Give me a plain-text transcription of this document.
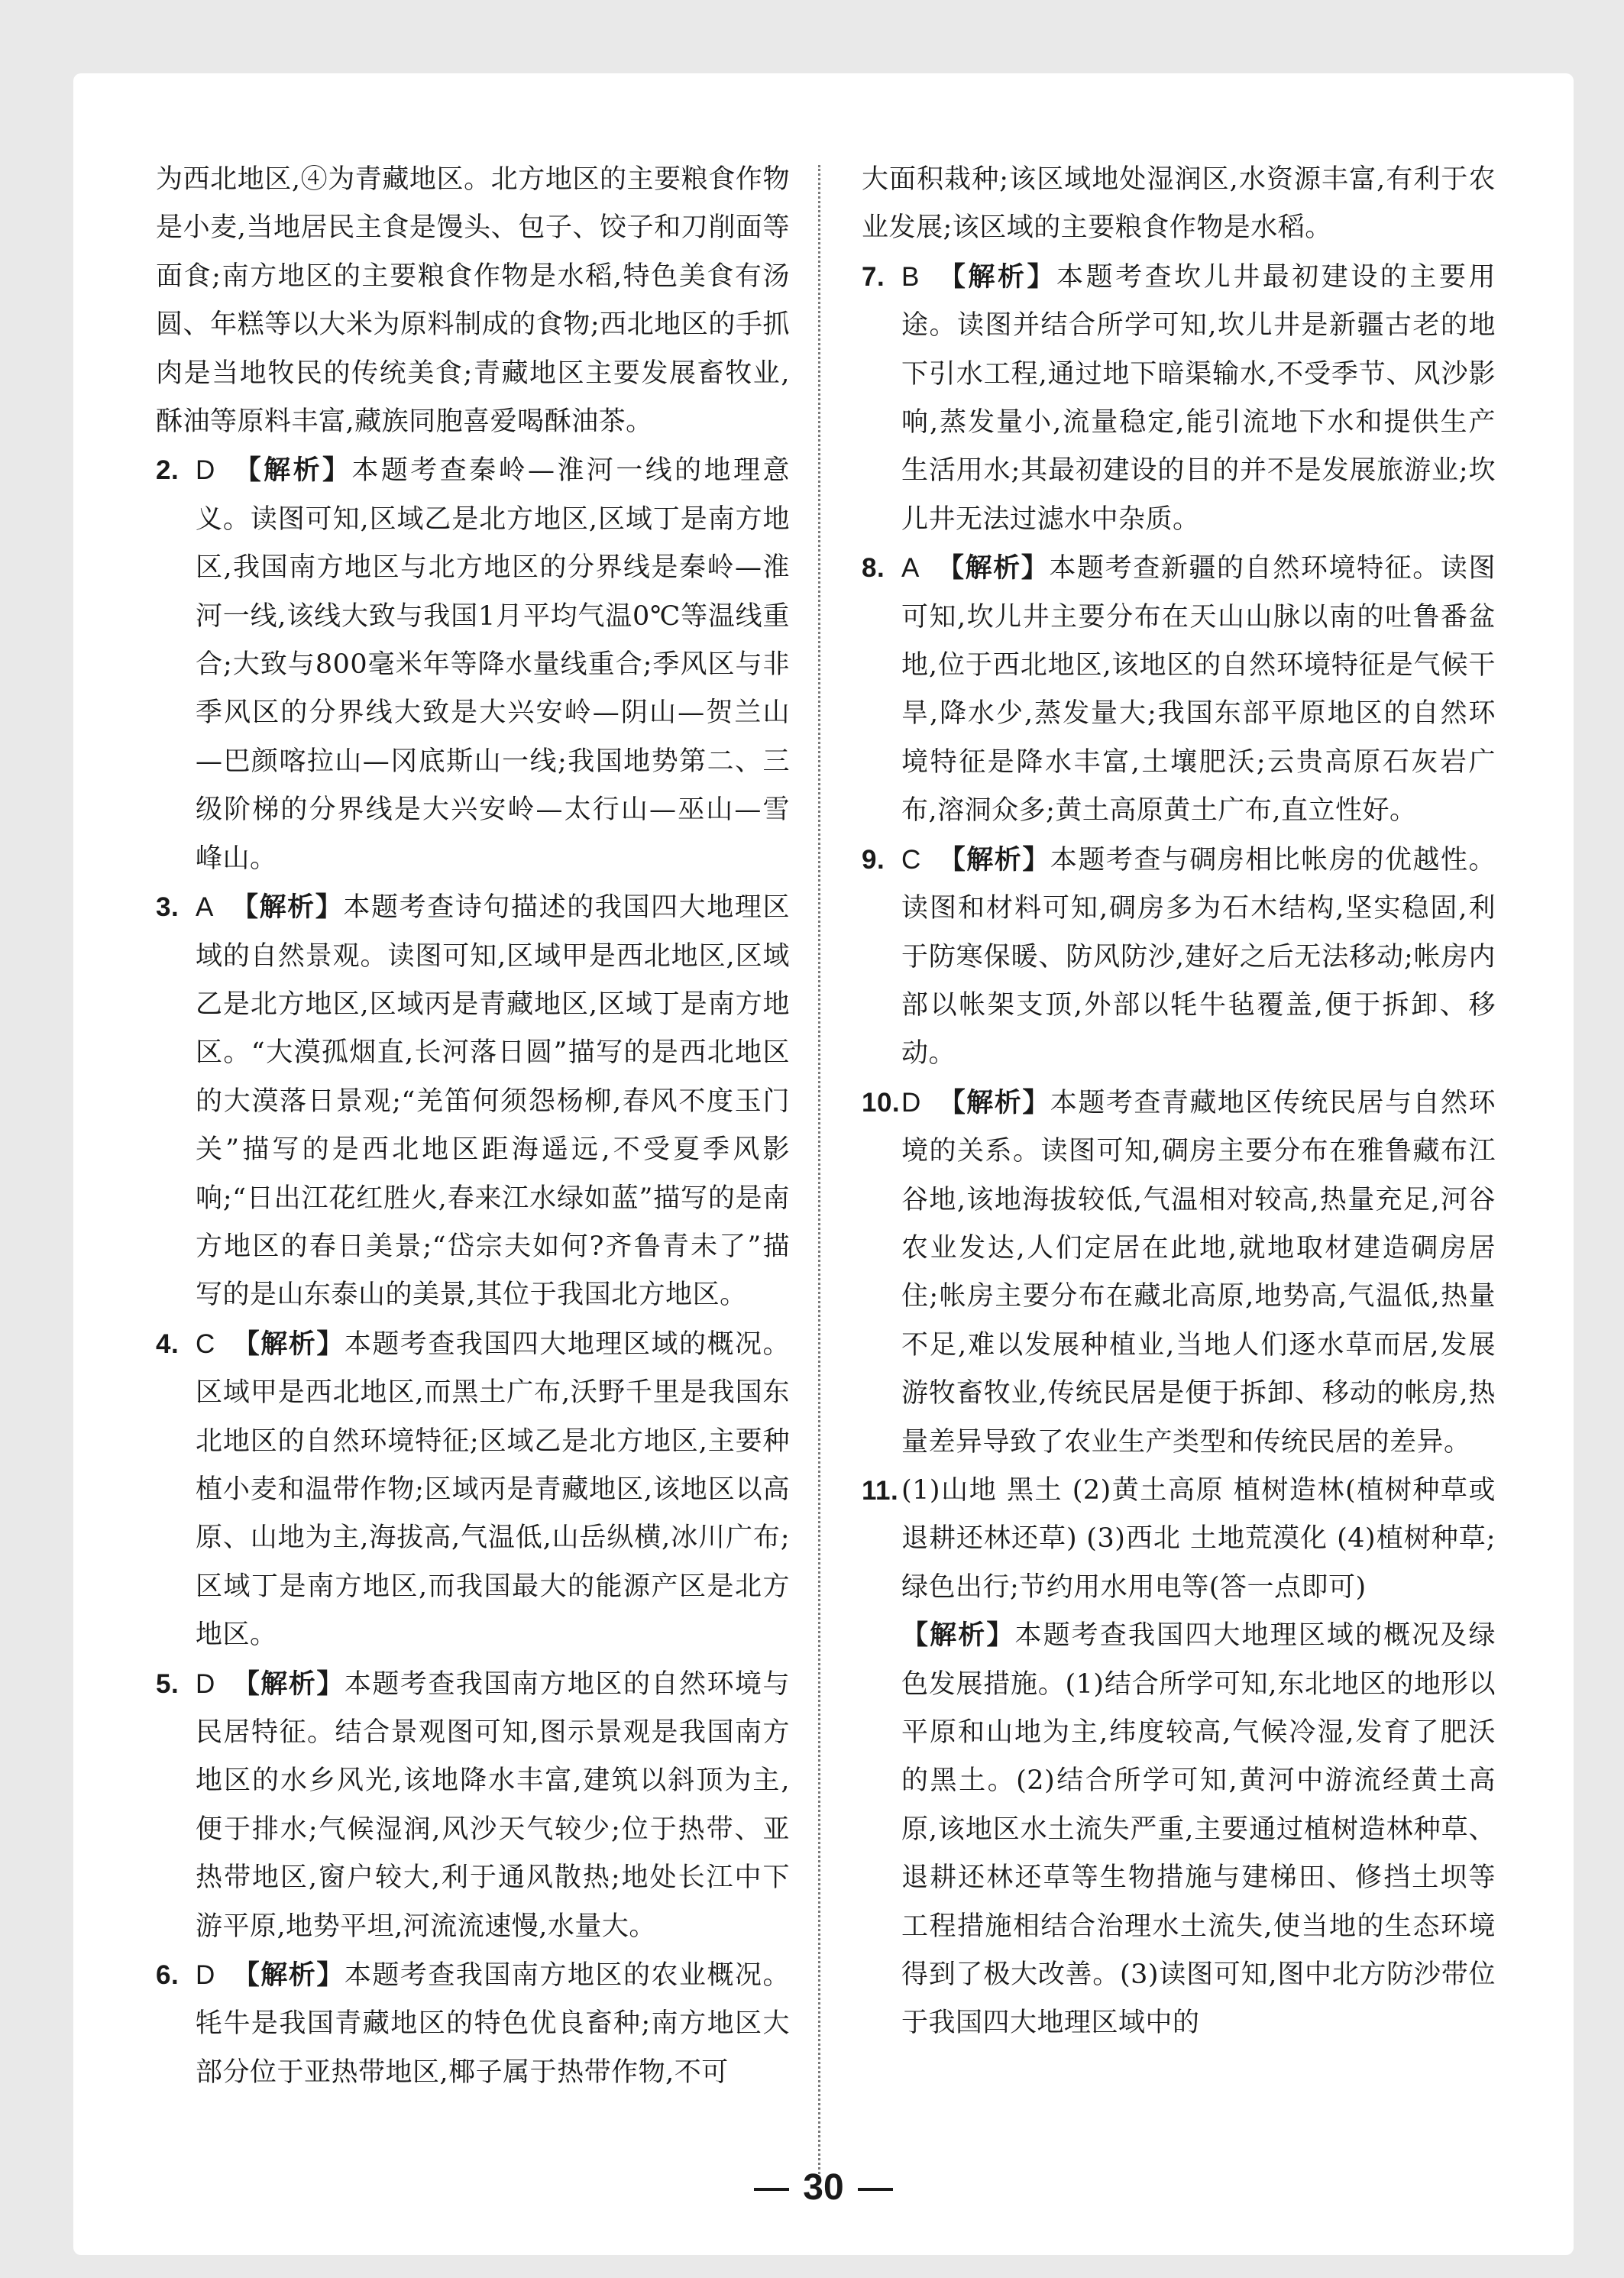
为西北地区,④为青藏地区。北方地区的主要粮食作物是小麦,当地居民主食是馒头、包子、饺子和刀削面等面食;南方地区的主要粮食作物是水稻,特色美食有汤圆、年糕等以大米为原料制成的食物;西北地区的手抓肉是当地牧民的传统美食;青藏地区主要发展畜牧业,酥油等原料丰富,藏族同胞喜爱喝酥油茶。

2. D 【解析】本题考查秦岭—淮河一线的地理意义。读图可知,区域乙是北方地区,区域丁是南方地区,我国南方地区与北方地区的分界线是秦岭—淮河一线,该线大致与我国1月平均气温0℃等温线重合;大致与800毫米年等降水量线重合;季风区与非季风区的分界线大致是大兴安岭—阴山—贺兰山—巴颜喀拉山—冈底斯山一线;我国地势第二、三级阶梯的分界线是大兴安岭—太行山—巫山—雪峰山。

3. A 【解析】本题考查诗句描述的我国四大地理区域的自然景观。读图可知,区域甲是西北地区,区域乙是北方地区,区域丙是青藏地区,区域丁是南方地区。“大漠孤烟直,长河落日圆”描写的是西北地区的大漠落日景观;“羌笛何须怨杨柳,春风不度玉门关”描写的是西北地区距海遥远,不受夏季风影响;“日出江花红胜火,春来江水绿如蓝”描写的是南方地区的春日美景;“岱宗夫如何?齐鲁青未了”描写的是山东泰山的美景,其位于我国北方地区。

4. C 【解析】本题考查我国四大地理区域的概况。区域甲是西北地区,而黑土广布,沃野千里是我国东北地区的自然环境特征;区域乙是北方地区,主要种植小麦和温带作物;区域丙是青藏地区,该地区以高原、山地为主,海拔高,气温低,山岳纵横,冰川广布;区域丁是南方地区,而我国最大的能源产区是北方地区。

5. D 【解析】本题考查我国南方地区的自然环境与民居特征。结合景观图可知,图示景观是我国南方地区的水乡风光,该地降水丰富,建筑以斜顶为主,便于排水;气候湿润,风沙天气较少;位于热带、亚热带地区,窗户较大,利于通风散热;地处长江中下游平原,地势平坦,河流流速慢,水量大。

6. D 【解析】本题考查我国南方地区的农业概况。牦牛是我国青藏地区的特色优良畜种;南方地区大部分位于亚热带地区,椰子属于热带作物,不可

大面积栽种;该区域地处湿润区,水资源丰富,有利于农业发展;该区域的主要粮食作物是水稻。

7. B 【解析】本题考查坎儿井最初建设的主要用途。读图并结合所学可知,坎儿井是新疆古老的地下引水工程,通过地下暗渠输水,不受季节、风沙影响,蒸发量小,流量稳定,能引流地下水和提供生产生活用水;其最初建设的目的并不是发展旅游业;坎儿井无法过滤水中杂质。

8. A 【解析】本题考查新疆的自然环境特征。读图可知,坎儿井主要分布在天山山脉以南的吐鲁番盆地,位于西北地区,该地区的自然环境特征是气候干旱,降水少,蒸发量大;我国东部平原地区的自然环境特征是降水丰富,土壤肥沃;云贵高原石灰岩广布,溶洞众多;黄土高原黄土广布,直立性好。

9. C 【解析】本题考查与碉房相比帐房的优越性。读图和材料可知,碉房多为石木结构,坚实稳固,利于防寒保暖、防风防沙,建好之后无法移动;帐房内部以帐架支顶,外部以牦牛毡覆盖,便于拆卸、移动。

10. D 【解析】本题考查青藏地区传统民居与自然环境的关系。读图可知,碉房主要分布在雅鲁藏布江谷地,该地海拔较低,气温相对较高,热量充足,河谷农业发达,人们定居在此地,就地取材建造碉房居住;帐房主要分布在藏北高原,地势高,气温低,热量不足,难以发展种植业,当地人们逐水草而居,发展游牧畜牧业,传统民居是便于拆卸、移动的帐房,热量差异导致了农业生产类型和传统民居的差异。

11. (1)山地 黑土 (2)黄土高原 植树造林(植树种草或退耕还林还草) (3)西北 土地荒漠化 (4)植树种草;绿色出行;节约用水用电等(答一点即可)

【解析】本题考查我国四大地理区域的概况及绿色发展措施。(1)结合所学可知,东北地区的地形以平原和山地为主,纬度较高,气候冷湿,发育了肥沃的黑土。(2)结合所学可知,黄河中游流经黄土高原,该地区水土流失严重,主要通过植树造林种草、退耕还林还草等生物措施与建梯田、修挡土坝等工程措施相结合治理水土流失,使当地的生态环境得到了极大改善。(3)读图可知,图中北方防沙带位于我国四大地理区域中的

30
